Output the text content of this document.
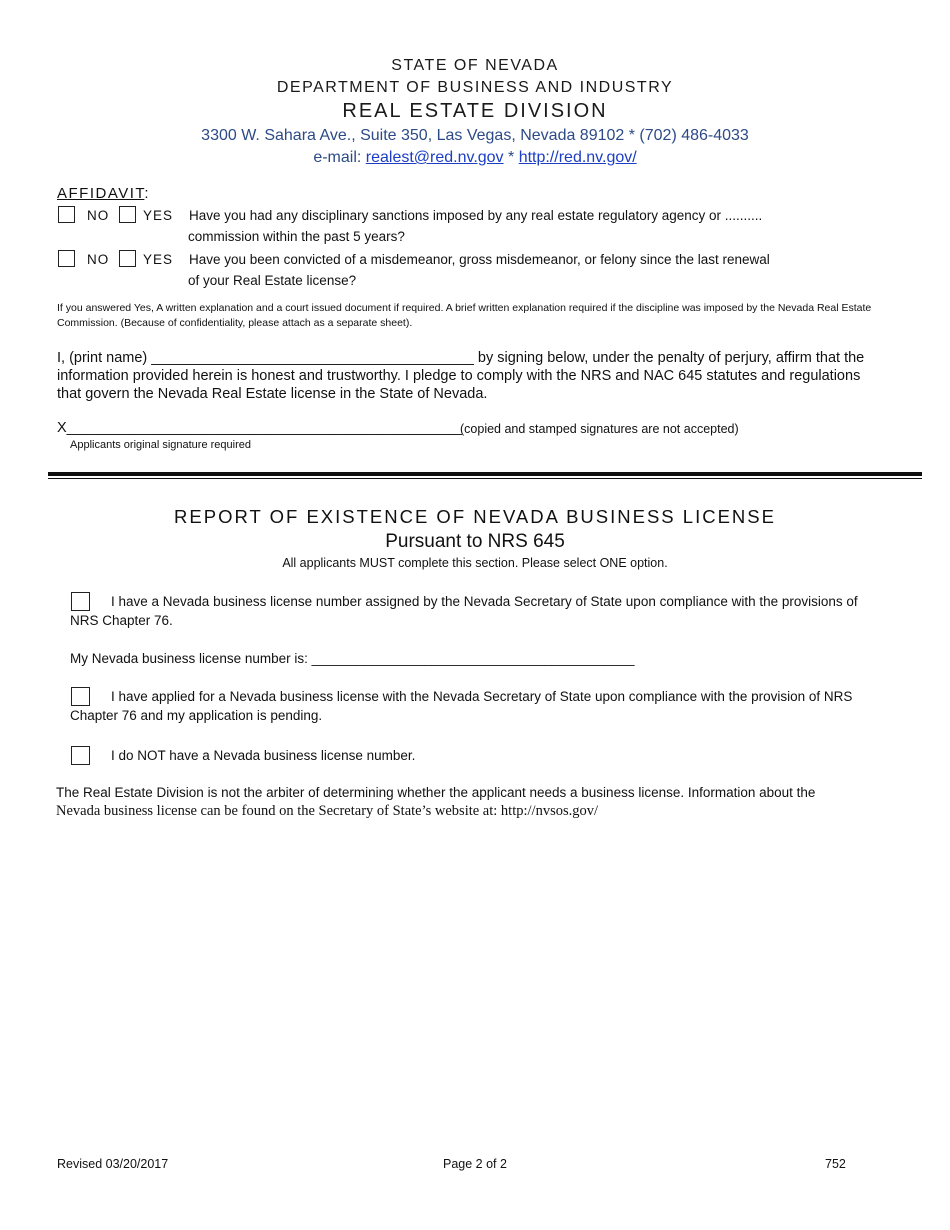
STATE OF NEVADA
DEPARTMENT OF BUSINESS AND INDUSTRY
REAL ESTATE DIVISION
3300 W. Sahara Ave., Suite 350, Las Vegas, Nevada 89102 * (702) 486-4033
e-mail: realest@red.nv.gov * http://red.nv.gov/
AFFIDAVIT:
NO	YES Have you had any disciplinary sanctions imposed by any real estate regulatory agency or ..........
commission within the past 5 years?
NO	YES Have you been convicted of a misdemeanor, gross misdemeanor, or felony since the last renewal
of your Real Estate license?
If you answered Yes, A written explanation and a court issued document if required. A brief written explanation required if the discipline was imposed by the Nevada Real Estate Commission. (Because of confidentiality, please attach as a separate sheet).
I, (print name) ________________________________________ by signing below, under the penalty of perjury, affirm that the
information provided herein is honest and trustworthy. I pledge to comply with the NRS and NAC 645 statutes and regulations
that govern the Nevada Real Estate license in the State of Nevada.
X_________________________________________________
(copied and stamped signatures are not accepted)
Applicants original signature required
REPORT OF EXISTENCE OF NEVADA BUSINESS LICENSE
Pursuant to NRS 645
All applicants MUST complete this section. Please select ONE option.
I have a Nevada business license number assigned by the Nevada Secretary of State upon compliance with the provisions of
NRS Chapter 76.
My Nevada business license number is: ___________________________________________
I have applied for a Nevada business license with the Nevada Secretary of State upon compliance with the provision of NRS
Chapter 76 and my application is pending.
I do NOT have a Nevada business license number.
The Real Estate Division is not the arbiter of determining whether the applicant needs a business license. Information about the
Nevada business license can be found on the Secretary of State’s website at: http://nvsos.gov/
Revised 03/20/2017	Page 2 of 2	752
